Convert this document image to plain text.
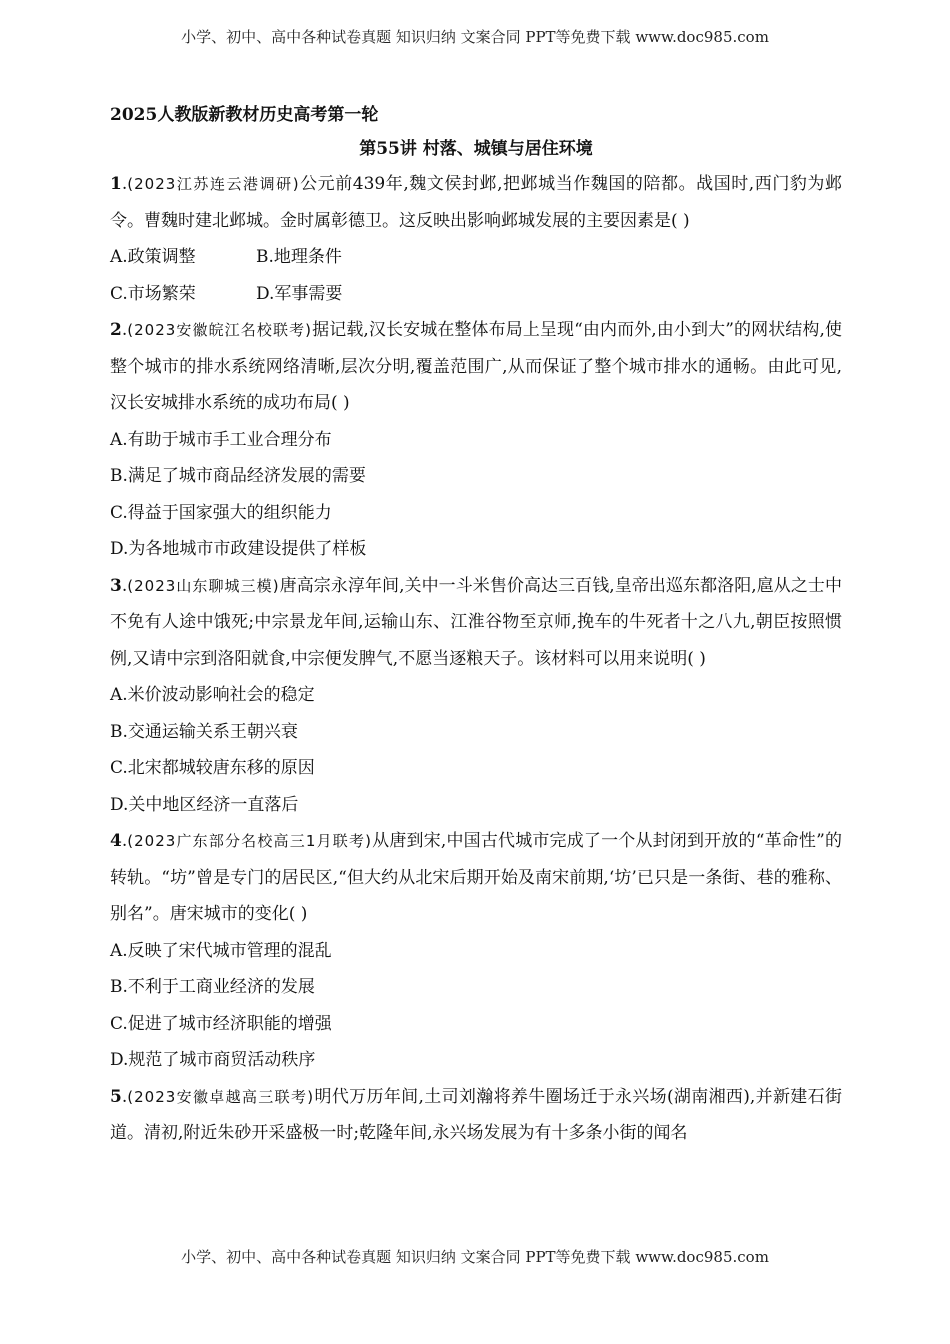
小学、初中、高中各种试卷真题 知识归纳 文案合同 PPT等免费下载 www.doc985.com

2025人教版新教材历史高考第一轮

第55讲 村落、城镇与居住环境

1.(2023江苏连云港调研)公元前439年,魏文侯封邺,把邺城当作魏国的陪都。战国时,西门豹为邺令。曹魏时建北邺城。金时属彰德卫。这反映出影响邺城发展的主要因素是( )

A.政策调整	B.地理条件

C.市场繁荣	D.军事需要

2.(2023安徽皖江名校联考)据记载,汉长安城在整体布局上呈现“由内而外,由小到大”的网状结构,使整个城市的排水系统网络清晰,层次分明,覆盖范围广,从而保证了整个城市排水的通畅。由此可见,汉长安城排水系统的成功布局( )

A.有助于城市手工业合理分布

B.满足了城市商品经济发展的需要

C.得益于国家强大的组织能力

D.为各地城市市政建设提供了样板

3.(2023山东聊城三模)唐高宗永淳年间,关中一斗米售价高达三百钱,皇帝出巡东都洛阳,扈从之士中不免有人途中饿死;中宗景龙年间,运输山东、江淮谷物至京师,挽车的牛死者十之八九,朝臣按照惯例,又请中宗到洛阳就食,中宗便发脾气,不愿当逐粮天子。该材料可以用来说明( )

A.米价波动影响社会的稳定

B.交通运输关系王朝兴衰

C.北宋都城较唐东移的原因

D.关中地区经济一直落后

4.(2023广东部分名校高三1月联考)从唐到宋,中国古代城市完成了一个从封闭到开放的“革命性”的转轨。“坊”曾是专门的居民区,“但大约从北宋后期开始及南宋前期,‘坊’已只是一条街、巷的雅称、别名”。唐宋城市的变化( )

A.反映了宋代城市管理的混乱

B.不利于工商业经济的发展

C.促进了城市经济职能的增强

D.规范了城市商贸活动秩序

5.(2023安徽卓越高三联考)明代万历年间,土司刘瀚将养牛圈场迁于永兴场(湖南湘西),并新建石街道。清初,附近朱砂开采盛极一时;乾隆年间,永兴场发展为有十多条小街的闻名

小学、初中、高中各种试卷真题 知识归纳 文案合同 PPT等免费下载 www.doc985.com
